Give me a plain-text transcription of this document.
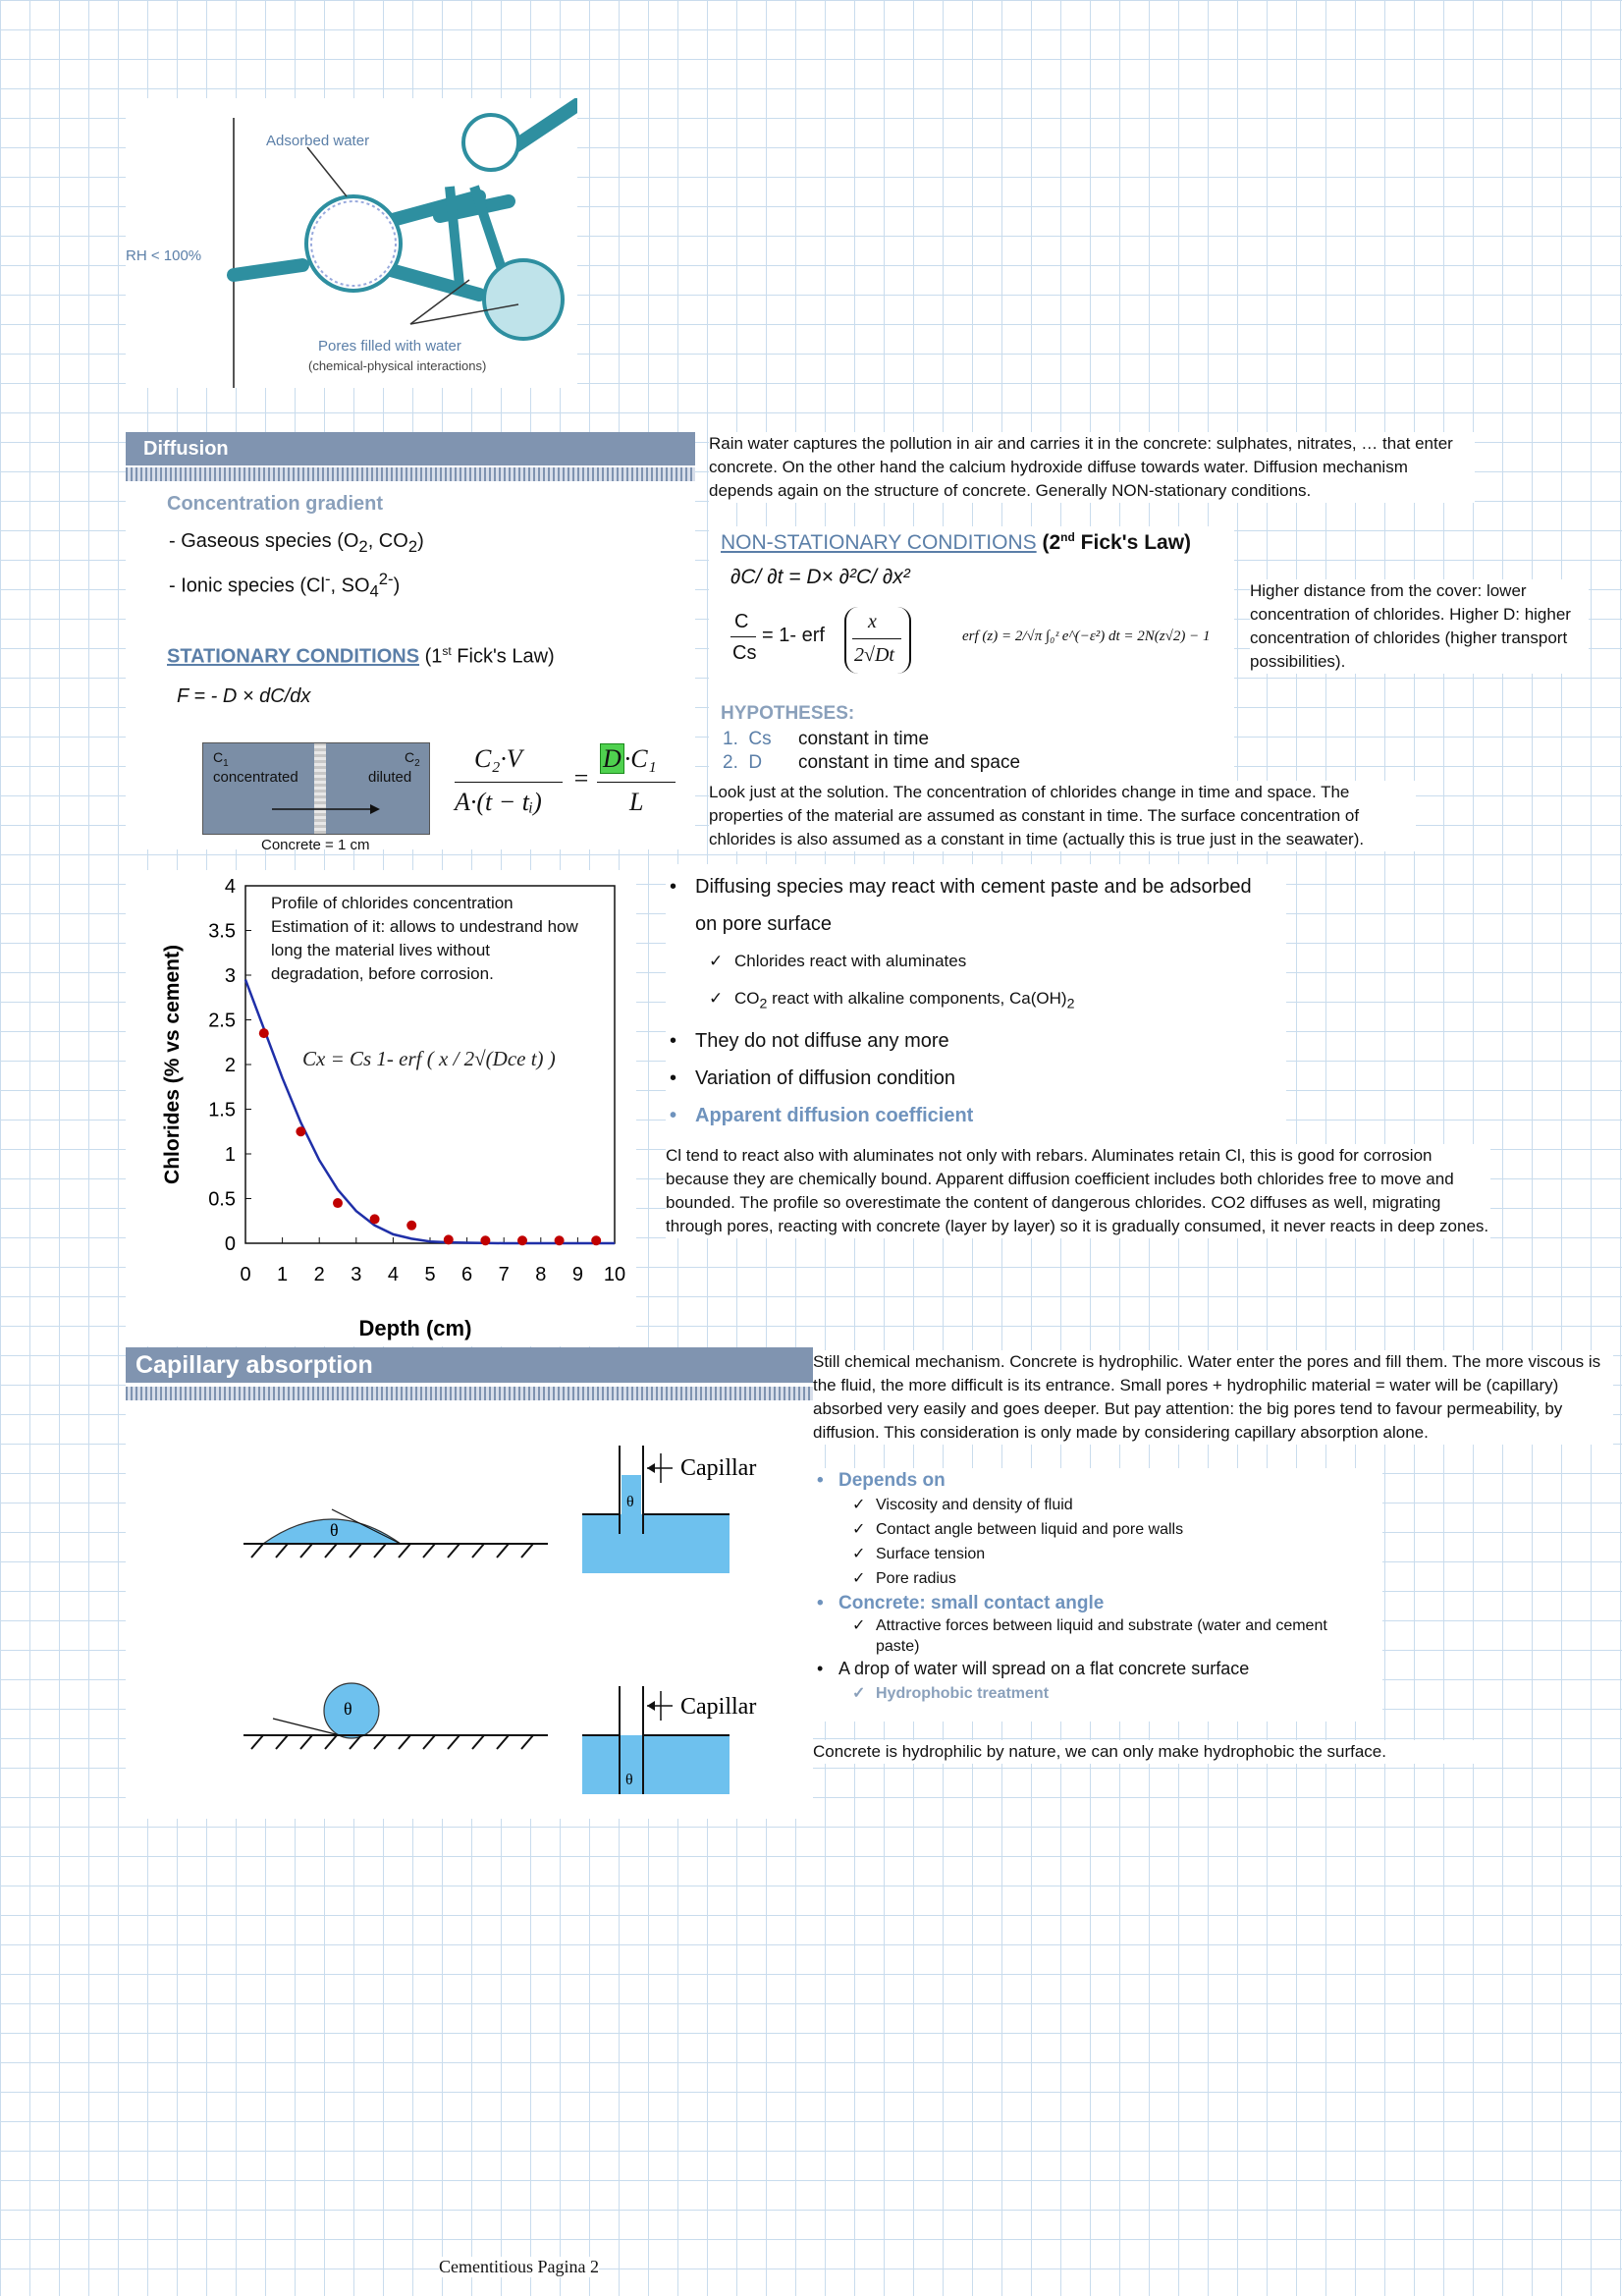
Adsorbed water
RH < 100%
Pores filled with water
(chemical-physical interactions)
Diffusion
Concentration gradient
- Gaseous species ($O_2$, $CO_2$)
- Ionic species (Cl-, $SO_4^{2-}$)
STATIONARY CONDITIONS (1st Fick's Law)
F = - D × dC/dx
$C_1$
concentrated
$C_2$
diluted
Concrete = 1 cm
C₂·V
A·(t − tᵢ)
=
D ·C₁
L
Rain water captures the pollution in air and carries it in the concrete: sulphates, nitrates, … that enter concrete. On the other hand the calcium hydroxide diffuse towards water. Diffusion mechanism depends again on the structure of concrete. Generally NON-stationary conditions.
NON-STATIONARY CONDITIONS (2nd Fick's Law)
∂C/ ∂t = D× ∂²C/ ∂x²
C
Cs
= 1- erf
x
2√Dt
erf (z) = 2/√π ∫₀ᶻ e^(−ε²) dt = 2N(z√2) − 1
HYPOTHESES:
1. Cs constant in time
2. D constant in time and space
Higher distance from the cover: lower concentration of chlorides. Higher D: higher concentration of chlorides (higher transport possibilities).
Look just at the solution. The concentration of chlorides change in time and space. The properties of the material are assumed as constant in time. The surface concentration of chlorides is also assumed as a constant in time (actually this is true just in the seawater).
0
0.5
1
1.5
2
2.5
3
3.5
4
0 1 2 3 4 5 6 7 8 9 10
Depth (cm)
Chlorides (% vs cement)
Profile of chlorides concentration Estimation of it: allows to undestrand how long the material lives without degradation, before corrosion.
Cx = Cs 1- erf ( x / 2√(Dce t) )
• Diffusing species may react with cement paste and be adsorbed on pore surface
✓ Chlorides react with aluminates
✓ $CO_2$ react with alkaline components, $Ca(OH)_2$
• They do not diffuse any more
• Variation of diffusion condition
• Apparent diffusion coefficient
Cl tend to react also with aluminates not only with rebars. Aluminates retain Cl, this is good for corrosion because they are chemically bound. Apparent diffusion coefficient includes both chlorides free to move and bounded. The profile so overestimate the content of dangerous chlorides. CO2 diffuses as well, migrating through pores, reacting with concrete (layer by layer) so it is gradually consumed, it never reacts in deep zones.
Capillary absorption
θ
θ
Capillar
θ
θ
Capillar
Still chemical mechanism. Concrete is hydrophilic. Water enter the pores and fill them. The more viscous is the fluid, the more difficult is its entrance. Small pores + hydrophilic material = water will be (capillary) absorbed very easily and goes deeper. But pay attention: the big pores tend to favour permeability, by diffusion. This consideration is only made by considering capillary absorption alone.
• Depends on
✓ Viscosity and density of fluid
✓ Contact angle between liquid and pore walls
✓ Surface tension
✓ Pore radius
• Concrete: small contact angle
✓ Attractive forces between liquid and substrate (water and cement paste)
• A drop of water will spread on a flat concrete surface
✓ Hydrophobic treatment
Concrete is hydrophilic by nature, we can only make hydrophobic the surface.
Cementitious Pagina 2
